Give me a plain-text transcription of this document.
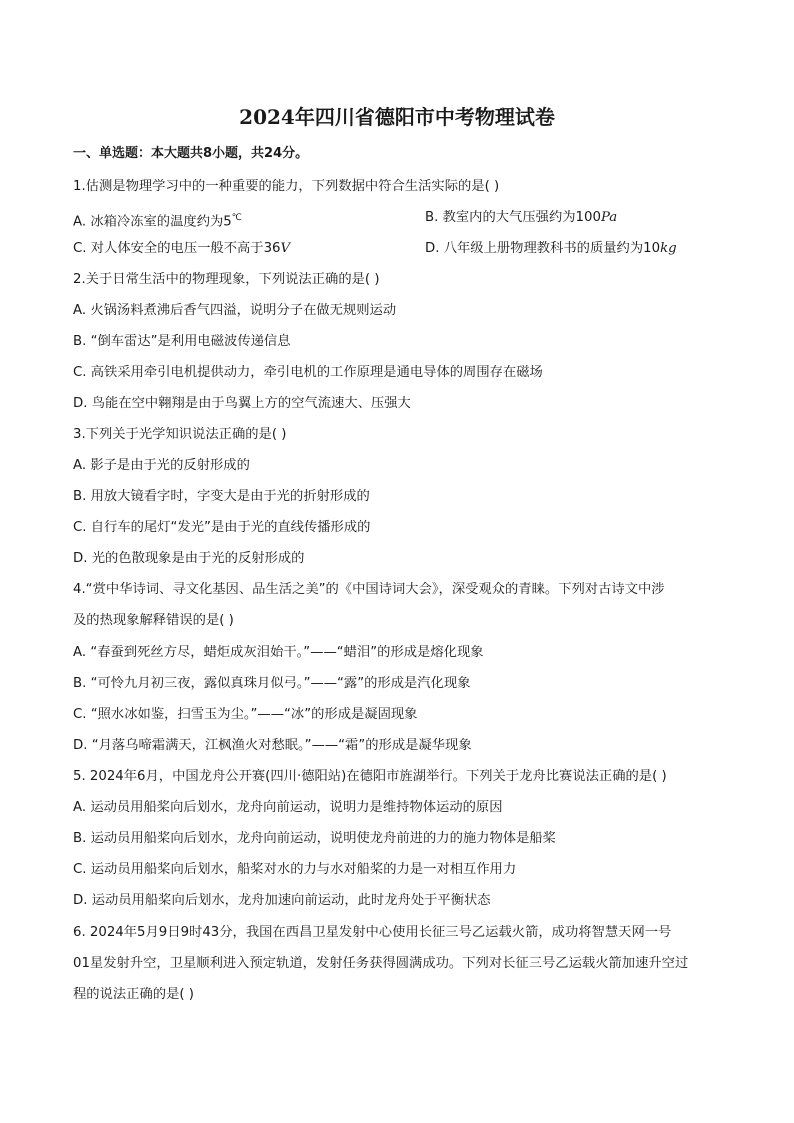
2024年四川省德阳市中考物理试卷
一、单选题：本大题共8小题，共24分。
1.估测是物理学习中的一种重要的能力，下列数据中符合生活实际的是( )
A. 冰箱冷冻室的温度约为5℃	B. 教室内的大气压强约为100Pa
C. 对人体安全的电压一般不高于36V	D. 八年级上册物理教科书的质量约为10kg
2.关于日常生活中的物理现象，下列说法正确的是( )
A. 火锅汤料煮沸后香气四溢，说明分子在做无规则运动
B. “倒车雷达”是利用电磁波传递信息
C. 高铁采用牵引电机提供动力，牵引电机的工作原理是通电导体的周围存在磁场
D. 鸟能在空中翱翔是由于鸟翼上方的空气流速大、压强大
3.下列关于光学知识说法正确的是( )
A. 影子是由于光的反射形成的
B. 用放大镜看字时，字变大是由于光的折射形成的
C. 自行车的尾灯“发光”是由于光的直线传播形成的
D. 光的色散现象是由于光的反射形成的
4.“赏中华诗词、寻文化基因、品生活之美”的《中国诗词大会》，深受观众的青睐。下列对古诗文中涉
及的热现象解释错误的是( )
A. “春蚕到死丝方尽，蜡炬成灰泪始干。”——“蜡泪”的形成是熔化现象
B. “可怜九月初三夜，露似真珠月似弓。”——“露”的形成是汽化现象
C. “照水冰如鉴，扫雪玉为尘。”——“冰”的形成是凝固现象
D. “月落乌啼霜满天，江枫渔火对愁眠。”——“霜”的形成是凝华现象
5. 2024年6月，中国龙舟公开赛(四川·德阳站)在德阳市旌湖举行。下列关于龙舟比赛说法正确的是( )
A. 运动员用船桨向后划水，龙舟向前运动，说明力是维持物体运动的原因
B. 运动员用船桨向后划水，龙舟向前运动，说明使龙舟前进的力的施力物体是船桨
C. 运动员用船桨向后划水，船桨对水的力与水对船桨的力是一对相互作用力
D. 运动员用船桨向后划水，龙舟加速向前运动，此时龙舟处于平衡状态
6. 2024年5月9日9时43分，我国在西昌卫星发射中心使用长征三号乙运载火箭，成功将智慧天网一号
01星发射升空，卫星顺利进入预定轨道，发射任务获得圆满成功。下列对长征三号乙运载火箭加速升空过
程的说法正确的是( )
